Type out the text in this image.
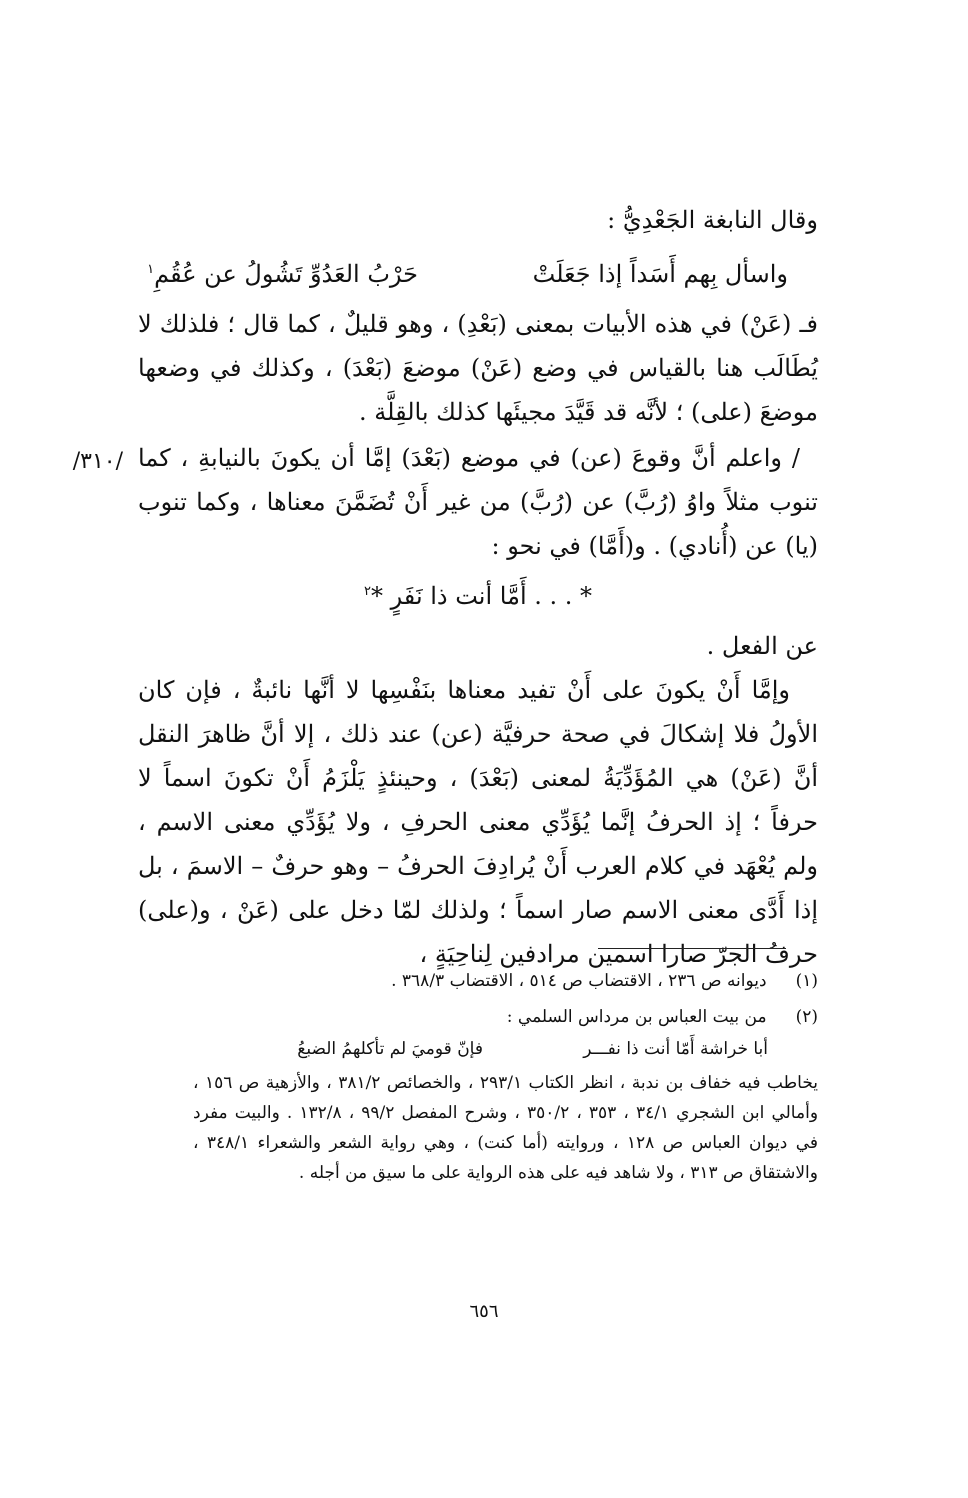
وقال النابغة الجَعْدِيُّ :
واسأل بِهم أَسَداً إذا جَعَلَتْ
حَرْبُ العَدُوِّ تَشُولُ عن عُقُمِ$^١$
فـ (عَنْ) في هذه الأبيات بمعنى (بَعْدِ) ، وهو قليلٌ ، كما قال ؛ فلذلك لا يُطَالَب هنا بالقياس في وضع (عَنْ) موضعَ (بَعْدَ) ، وكذلك في وضعها موضعَ (على) ؛ لأنَّه قد قَيَّدَ مجيئَها كذلك بالقِلَّة .
/٣١٠/ / واعلم أنَّ وقوعَ (عن) في موضع (بَعْدَ) إمَّا أن يكونَ بالنيابةِ ، كما تنوب مثلاً واوُ (رُبَّ) عن (رُبَّ) من غير أَنْ تُضَمَّنَ معناها ، وكما تنوب (يا) عن (أُنادي) . و(أَمَّا) في نحو :
* . . . أَمَّا أنت ذا نَفَرٍ *$^٢$
عن الفعل .
وإمَّا أَنْ يكونَ على أَنْ تفيد معناها بنَفْسِها لا أنَّها نائبةٌ ، فإن كان الأولُ فلا إشكالَ في صحة حرفيَّة (عن) عند ذلك ، إلا أنَّ ظاهرَ النقل أنَّ (عَنْ) هي المُؤَدِّيَةُ لمعنى (بَعْدَ) ، وحينئذٍ يَلْزَمُ أَنْ تكونَ اسماً لا حرفاً ؛ إذ الحرفُ إنَّما يُؤَدِّي معنى الحرفِ ، ولا يُؤَدِّي معنى الاسم ، ولم يُعْهَد في كلام العرب أَنْ يُرادِفَ الحرفُ – وهو حرفٌ – الاسمَ ، بل إذا أَدَّى معنى الاسم صار اسماً ؛ ولذلك لمّا دخل على (عَنْ ، و(على) حرفُ الجرّ صارا اسمين مرادفين لِناحِيَةٍ ،
(١) ديوانه ص ٢٣٦ ، الاقتضاب ص ٥١٤ ، الاقتضاب ٣٦٨/٣ .
(٢) من بيت العباس بن مرداس السلمي :
أبا خراشة أَمّا أنت ذا نفـــر
فإنّ قوميَ لم تأكلهمُ الضبعُ
يخاطب فيه خفاف بن ندبة ، انظر الكتاب ٢٩٣/١ ، والخصائص ٣٨١/٢ ، والأزهية ص ١٥٦ ، وأمالي ابن الشجري ٣٤/١ ، ٣٥٣ ، ٣٥٠/٢ ، وشرح المفصل ٩٩/٢ ، ١٣٢/٨ . والبيت مفرد في ديوان العباس ص ١٢٨ ، وروايته (أما كنت) ، وهي رواية الشعر والشعراء ٣٤٨/١ ، والاشتقاق ص ٣١٣ ، ولا شاهد فيه على هذه الرواية على ما سيق من أجله .
٦٥٦
